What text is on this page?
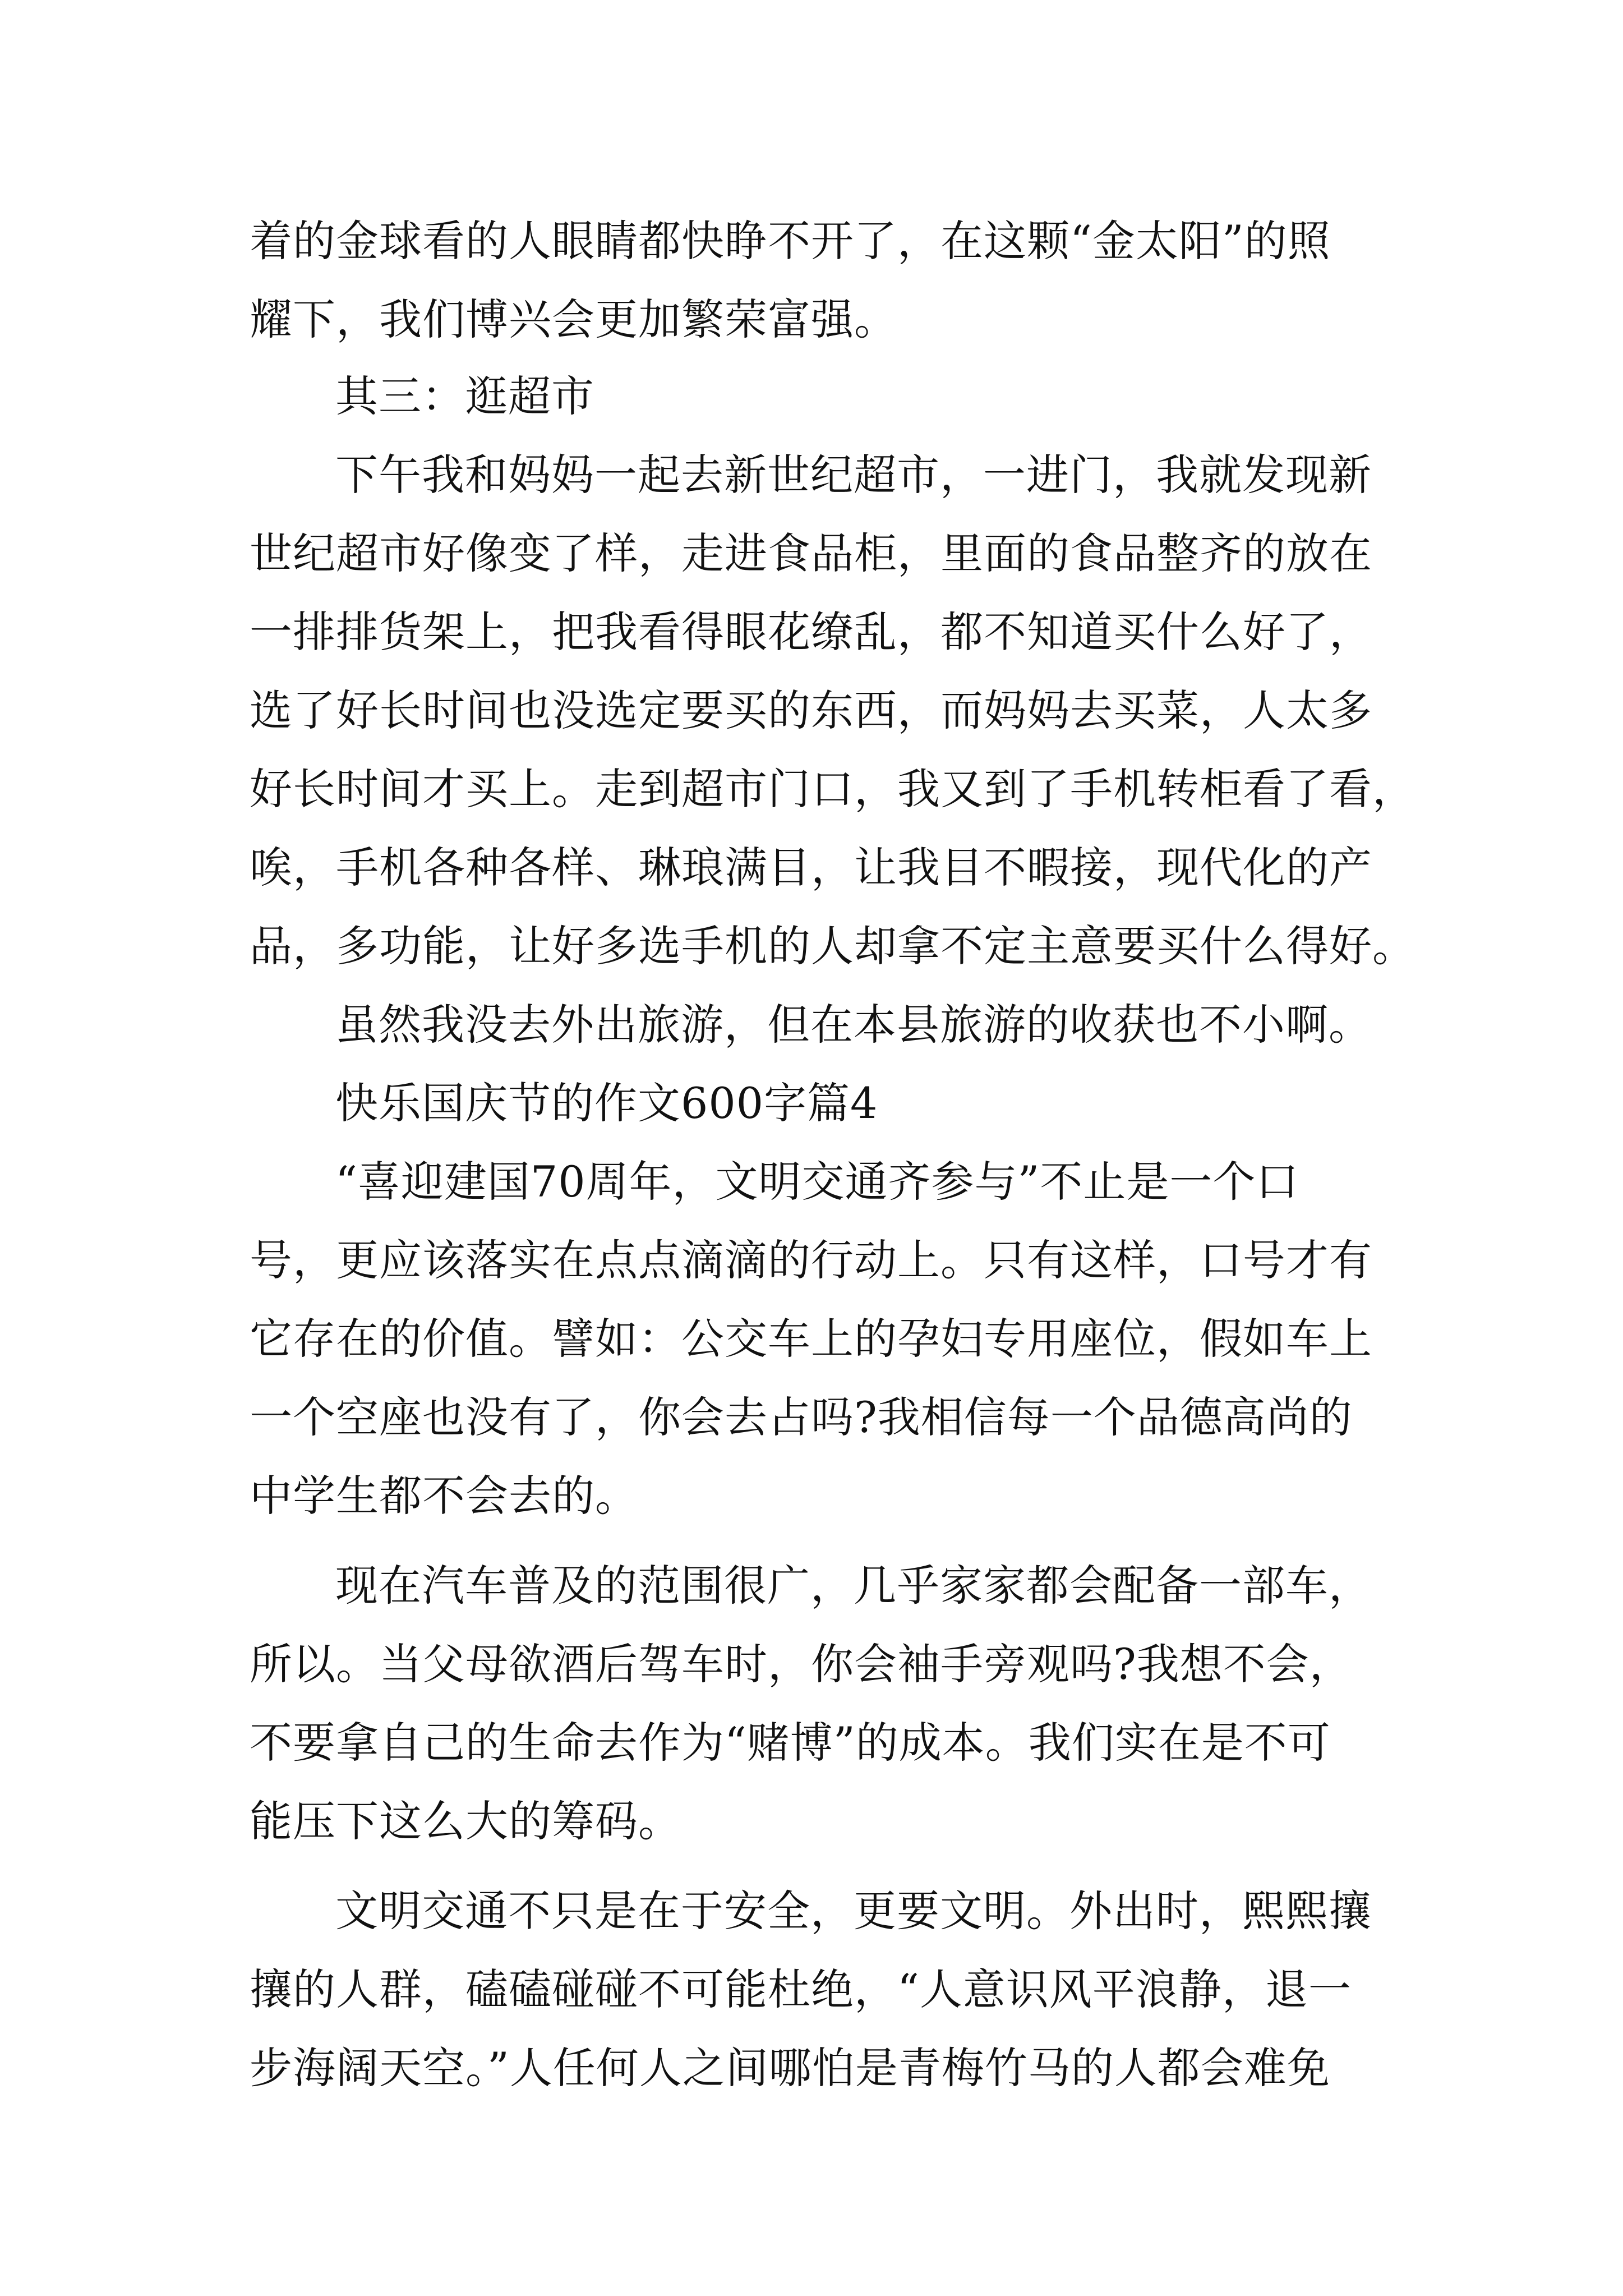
着的金球看的人眼睛都快睁不开了，在这颗“金太阳”的照
耀下，我们博兴会更加繁荣富强。
其三：逛超市
下午我和妈妈一起去新世纪超市，一进门，我就发现新
世纪超市好像变了样，走进食品柜，里面的食品整齐的放在
一排排货架上，把我看得眼花缭乱，都不知道买什么好了，
选了好长时间也没选定要买的东西，而妈妈去买菜，人太多
好长时间才买上。走到超市门口，我又到了手机转柜看了看，
唉，手机各种各样、琳琅满目，让我目不暇接，现代化的产
品，多功能，让好多选手机的人却拿不定主意要买什么得好。
虽然我没去外出旅游，但在本县旅游的收获也不小啊。
快乐国庆节的作文600字篇4
“喜迎建国70周年，文明交通齐参与”不止是一个口
号，更应该落实在点点滴滴的行动上。只有这样，口号才有
它存在的价值。譬如：公交车上的孕妇专用座位，假如车上
一个空座也没有了，你会去占吗?我相信每一个品德高尚的
中学生都不会去的。
现在汽车普及的范围很广，几乎家家都会配备一部车，
所以。当父母欲酒后驾车时，你会袖手旁观吗?我想不会，
不要拿自己的生命去作为“赌博”的成本。我们实在是不可
能压下这么大的筹码。
文明交通不只是在于安全，更要文明。外出时，熙熙攘
攘的人群，磕磕碰碰不可能杜绝，“人意识风平浪静，退一
步海阔天空。”人任何人之间哪怕是青梅竹马的人都会难免
